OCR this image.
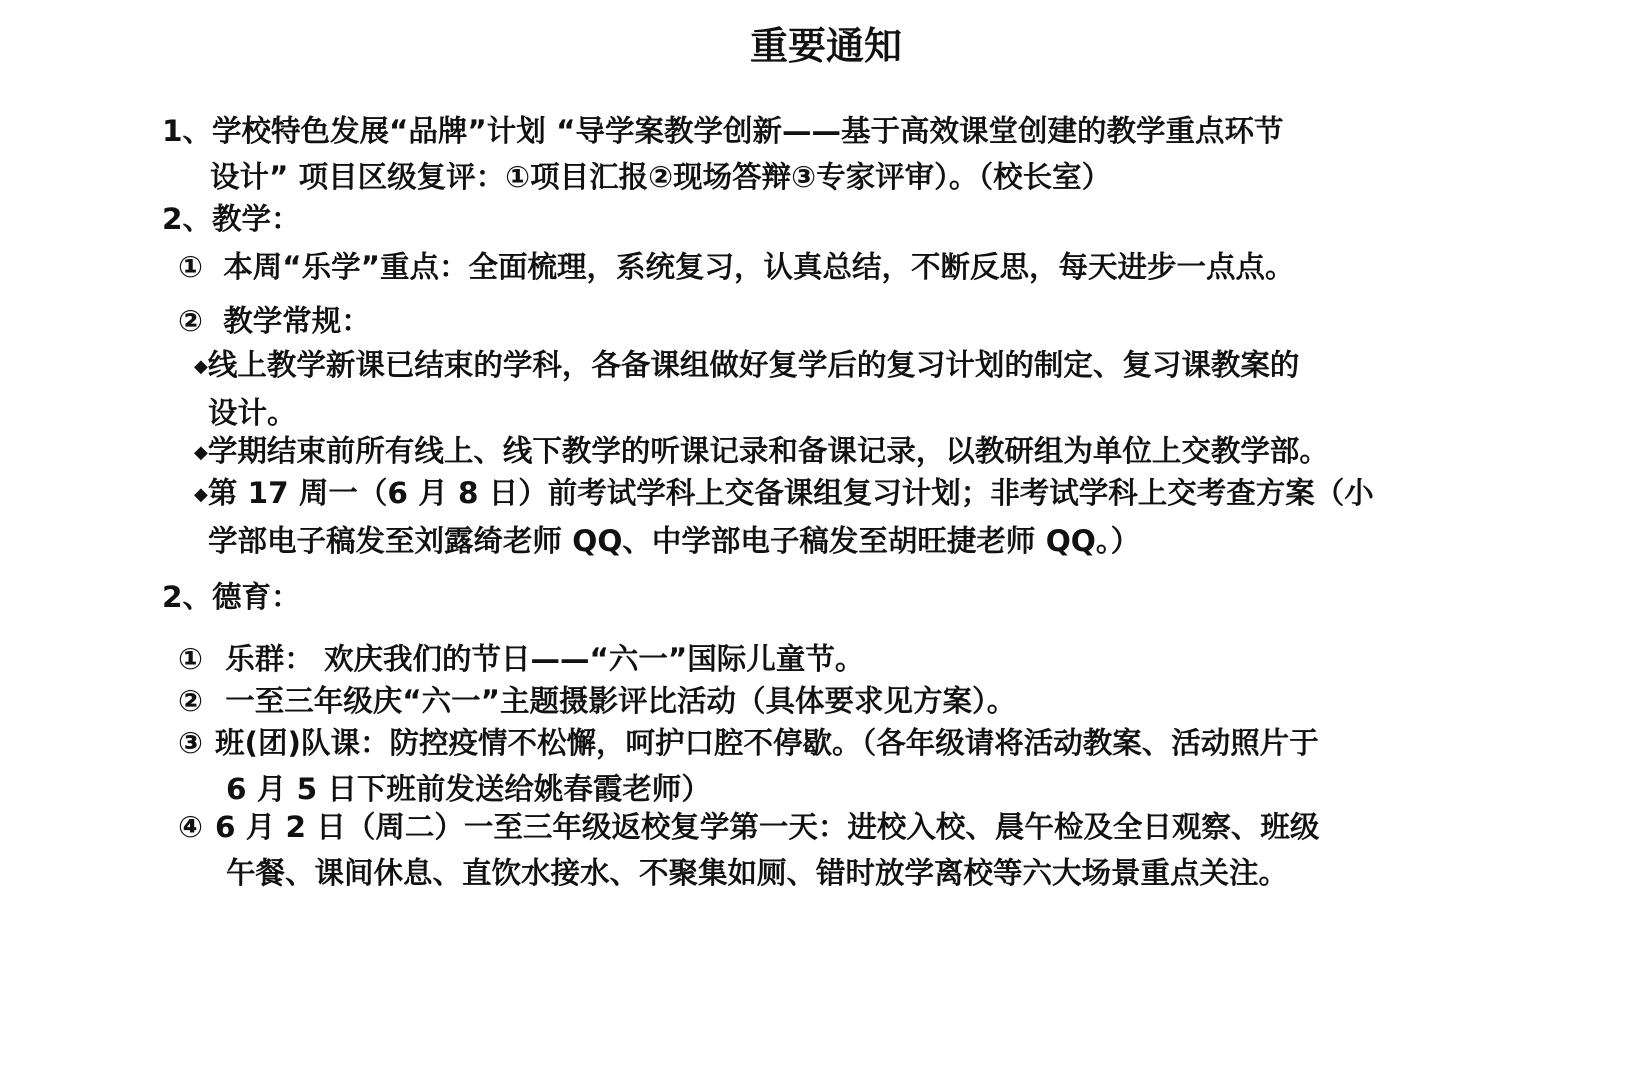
重要通知
1、学校特色发展“品牌”计划 “导学案教学创新——基于高效课堂创建的教学重点环节
设计” 项目区级复评：①项目汇报②现场答辩③专家评审）。（校长室）
2、教学：
① 本周“乐学”重点：全面梳理，系统复习，认真总结，不断反思，每天进步一点点。
② 教学常规：
◆线上教学新课已结束的学科，各备课组做好复学后的复习计划的制定、复习课教案的
设计。
◆学期结束前所有线上、线下教学的听课记录和备课记录，以教研组为单位上交教学部。
◆第 17 周一（6 月 8 日）前考试学科上交备课组复习计划；非考试学科上交考查方案（小
学部电子稿发至刘露绮老师 QQ、中学部电子稿发至胡旺捷老师 QQ。）
2、德育：
① 乐群： 欢庆我们的节日——“六一”国际儿童节。
② 一至三年级庆“六一”主题摄影评比活动（具体要求见方案）。
③ 班(团)队课：防控疫情不松懈，呵护口腔不停歇。（各年级请将活动教案、活动照片于
6 月 5 日下班前发送给姚春霞老师）
④ 6 月 2 日（周二）一至三年级返校复学第一天：进校入校、晨午检及全日观察、班级
午餐、课间休息、直饮水接水、不聚集如厕、错时放学离校等六大场景重点关注。
